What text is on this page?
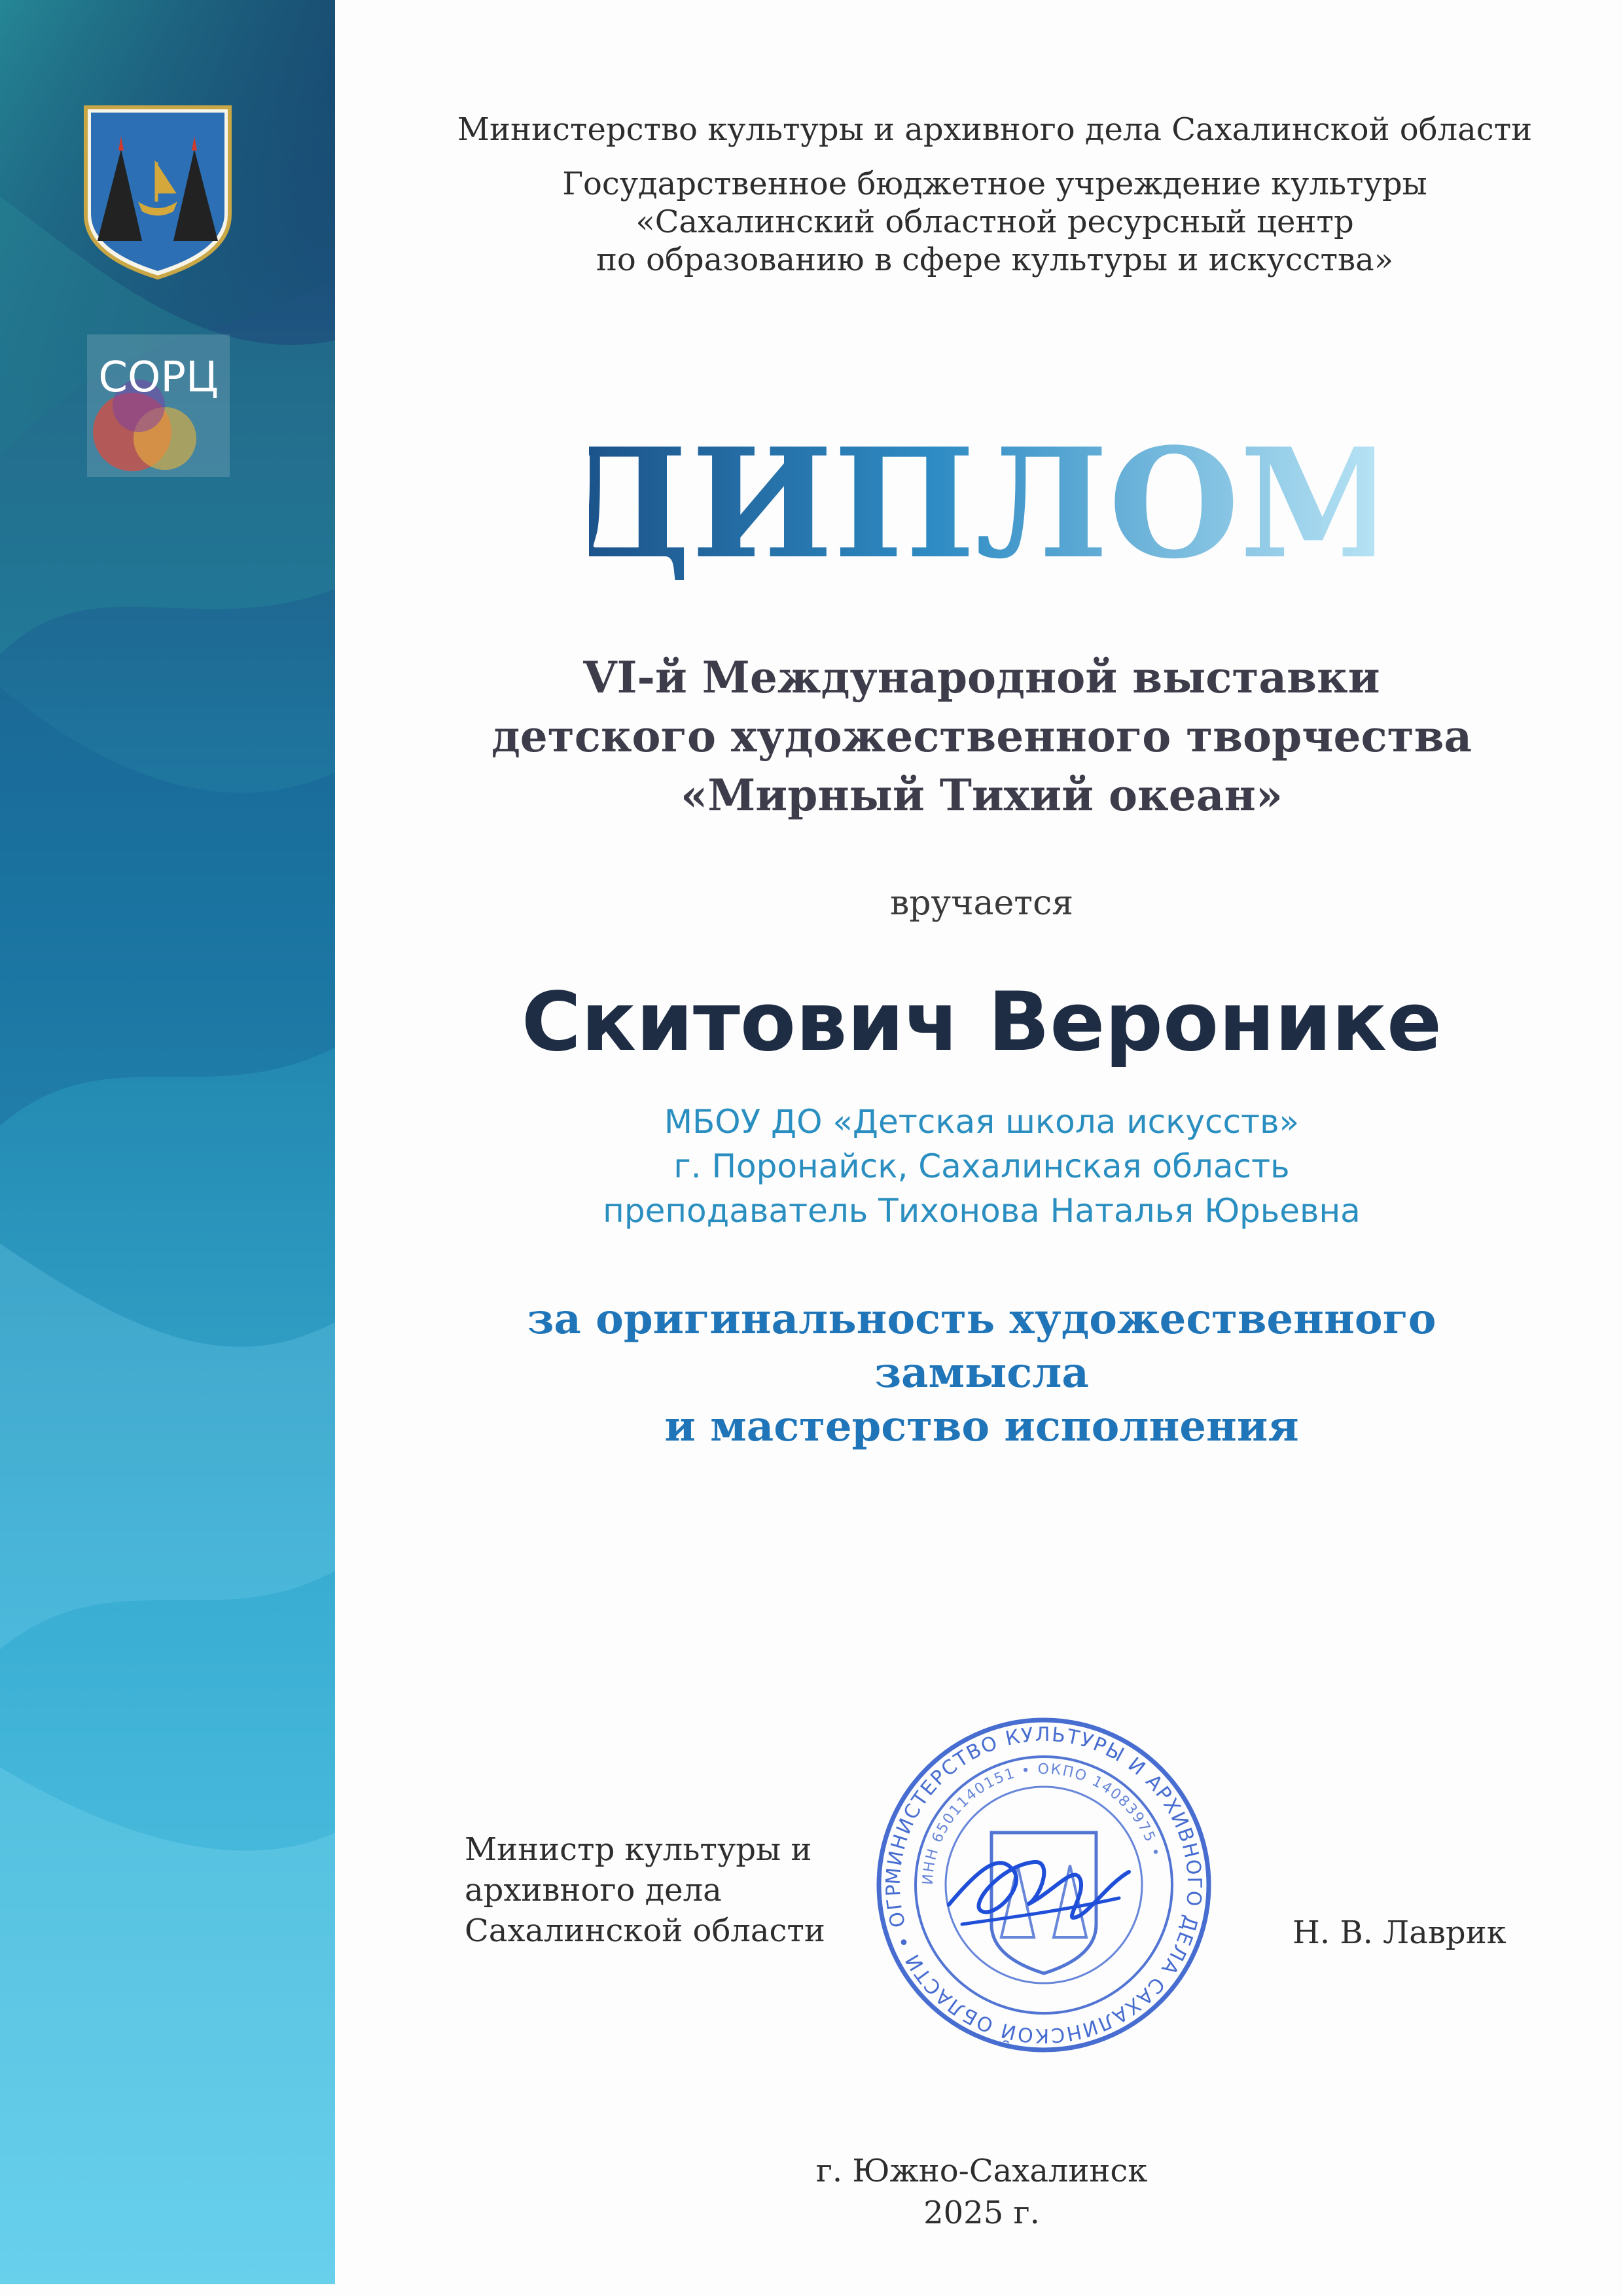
СОРЦ
Министерство культуры и архивного дела Сахалинской области
Государственное бюджетное учреждение культуры
«Сахалинский областной ресурсный центр
по образованию в сфере культуры и искусства»
ДИПЛОМ
VI-й Международной выставки
детского художественного творчества
«Мирный Тихий океан»
вручается
Скитович Веронике
МБОУ ДО «Детская школа искусств»
г. Поронайск, Сахалинская область
преподаватель Тихонова Наталья Юрьевна
за оригинальность художественного замысла
и мастерство исполнения
Министр культуры и
архивного дела
Сахалинской области
МИНИСТЕРСТВО КУЛЬТУРЫ И АРХИВНОГО ДЕЛА САХАЛИНСКОЙ ОБЛАСТИ • ОГР
ИНН 6501140151 • ОКПО 14083975 •
Н. В. Лаврик
г. Южно-Сахалинск
2025 г.
